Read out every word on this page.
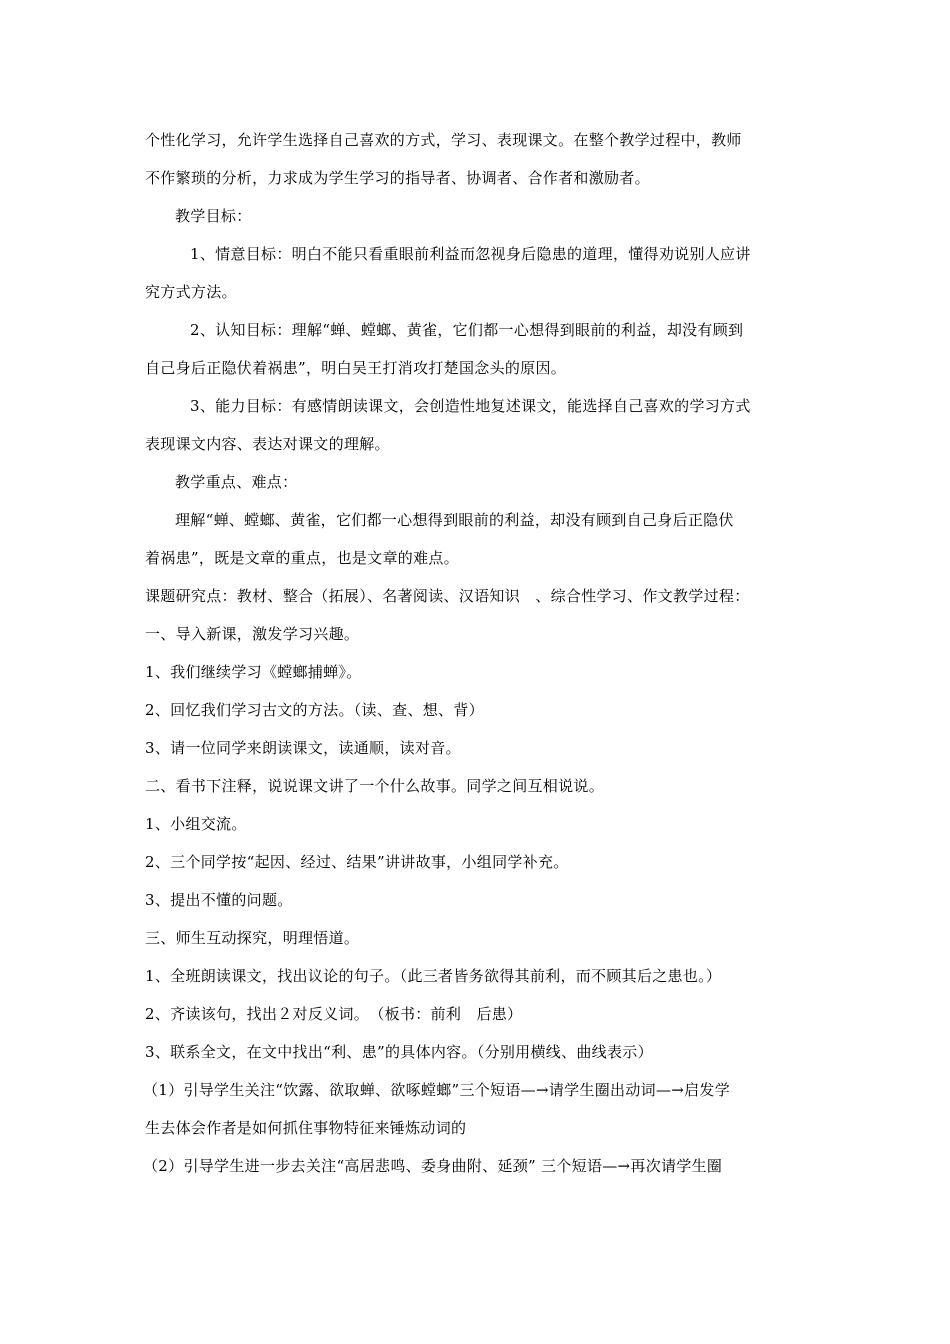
个性化学习，允许学生选择自己喜欢的方式，学习、表现课文。在整个教学过程中，教师
不作繁琐的分析，力求成为学生学习的指导者、协调者、合作者和激励者。
教学目标：
1、情意目标：明白不能只看重眼前利益而忽视身后隐患的道理，懂得劝说别人应讲
究方式方法。
2、认知目标：理解“蝉、螳螂、黄雀，它们都一心想得到眼前的利益，却没有顾到
自己身后正隐伏着祸患”，明白吴王打消攻打楚国念头的原因。
3、能力目标：有感情朗读课文，会创造性地复述课文，能选择自己喜欢的学习方式
表现课文内容、表达对课文的理解。
教学重点、难点：
理解“蝉、螳螂、黄雀，它们都一心想得到眼前的利益，却没有顾到自己身后正隐伏
着祸患”，既是文章的重点，也是文章的难点。
课题研究点：教材、整合（拓展）、名著阅读、汉语知识　、综合性学习、作文教学过程：
一、导入新课，激发学习兴趣。
1、我们继续学习《螳螂捕蝉》。
2、回忆我们学习古文的方法。（读、查、想、背）
3、请一位同学来朗读课文，读通顺，读对音。
二、看书下注释，说说课文讲了一个什么故事。同学之间互相说说。
1、小组交流。
2、三个同学按“起因、经过、结果”讲讲故事，小组同学补充。
3、提出不懂的问题。
三、师生互动探究，明理悟道。
1、全班朗读课文，找出议论的句子。（此三者皆务欲得其前利，而不顾其后之患也。）
2、齐读该句，找出２对反义词。　（板书：前利　后患）
3、联系全文，在文中找出“利、患”的具体内容。（分别用横线、曲线表示）
（1）引导学生关注“饮露、欲取蝉、欲啄螳螂”三个短语—→请学生圈出动词—→启发学
生去体会作者是如何抓住事物特征来锤炼动词的
（2）引导学生进一步去关注“高居悲鸣、委身曲附、延颈” 三个短语—→再次请学生圈
